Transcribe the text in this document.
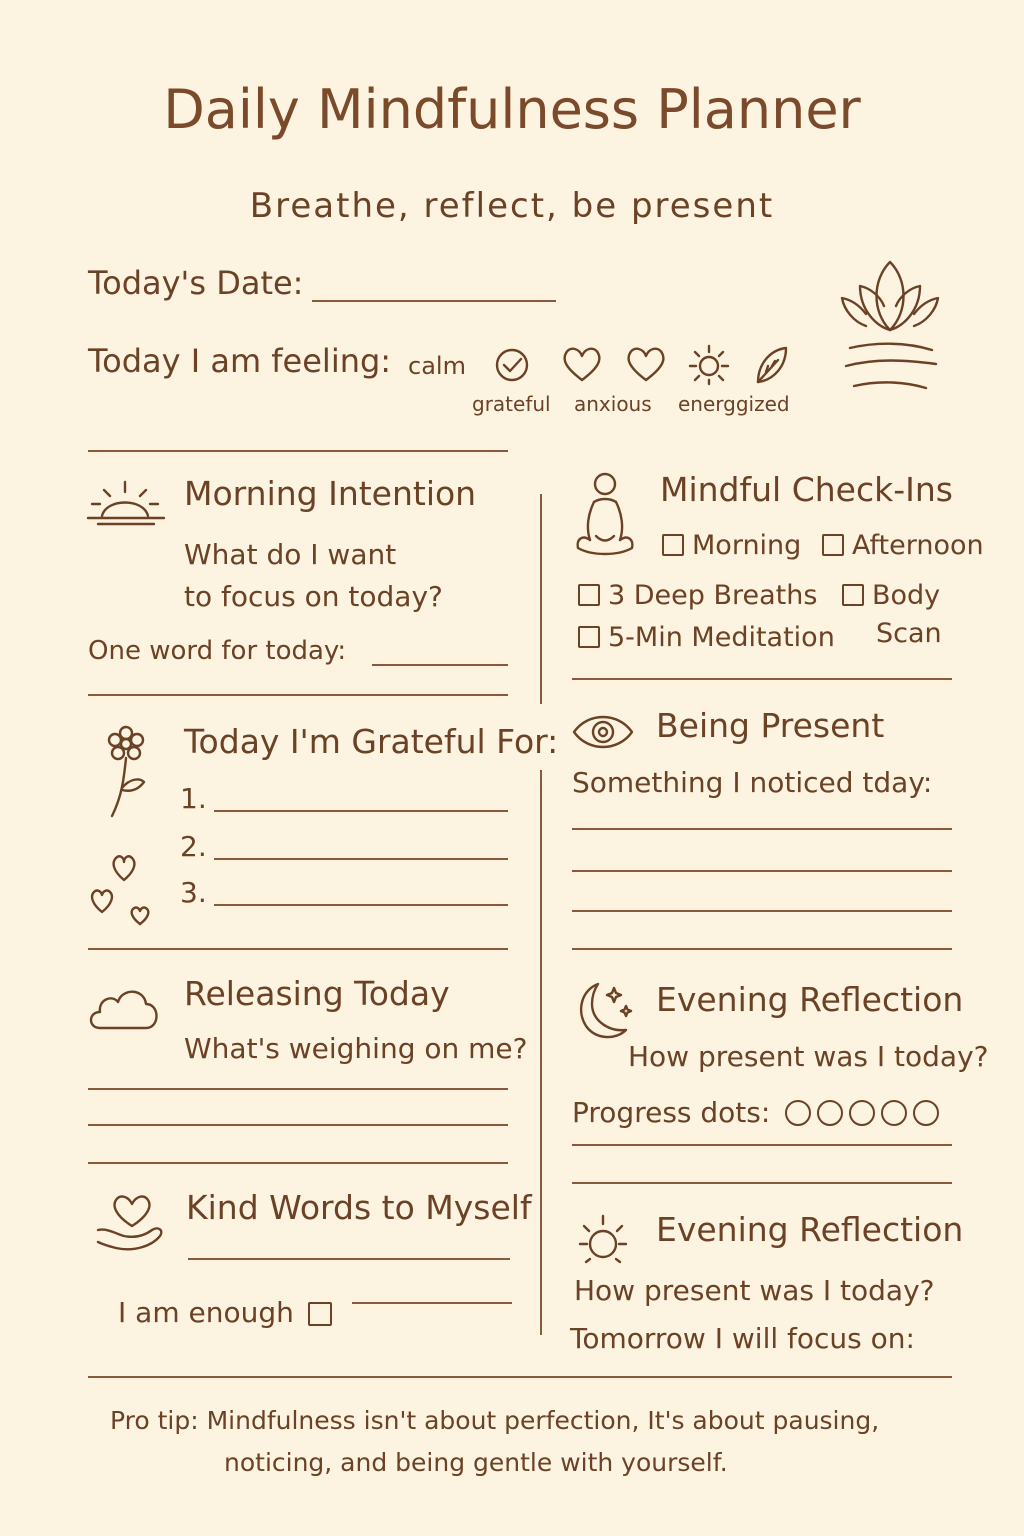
Daily Mindfulness Planner
Breathe, reflect, be present
Today's Date:
Today I am feeling: calm
grateful anxious energgized
Morning Intention
What do I want
to focus on today?
One word for today:
Mindful Check-Ins
Morning	Afternoon
3 Deep Breaths	Body
Scan
5-Min Meditation
Today I'm Grateful For:
1.
2.
3.
Being Present
Something I noticed tday:
Releasing Today
What's weighing on me?
Evening Reflection
How present was I today?
Progress dots:
Kind Words to Myself
I am enough
Evening Reflection
How present was I today?
Tomorrow I will focus on:
Pro tip: Mindfulness isn't about perfection, It's about pausing,
noticing, and being gentle with yourself.
